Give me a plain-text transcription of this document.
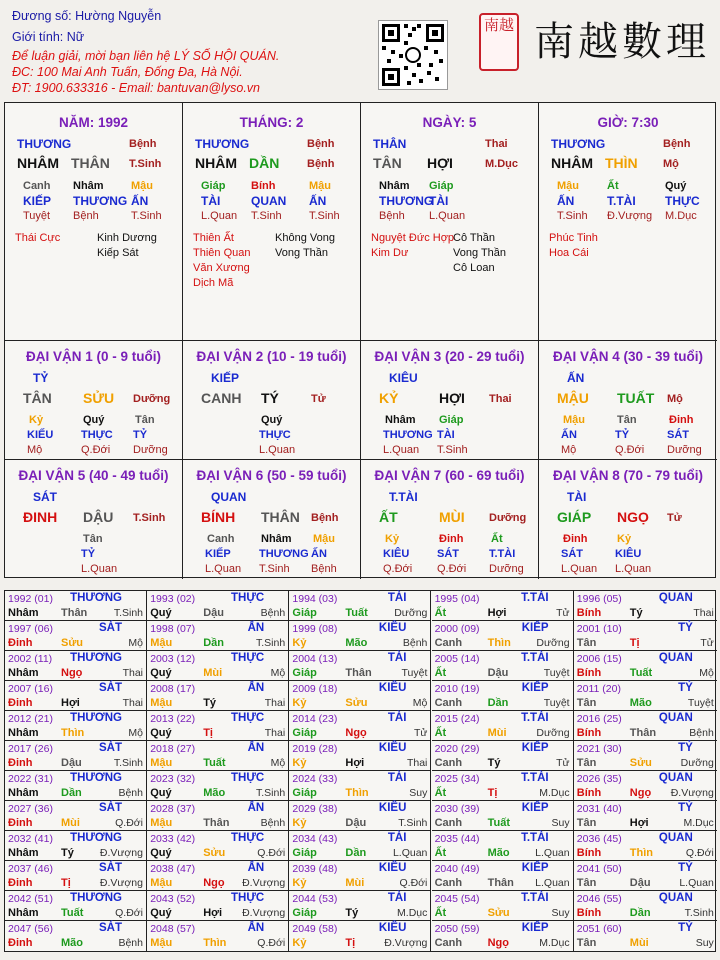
Đương số: Hường Nguyễn
Giới tính: Nữ
Để luận giải, mời bạn liên hệ LÝ SỐ HỘI QUÁN.
ĐC: 100 Mai Anh Tuấn, Đống Đa, Hà Nội.
ĐT: 1900.633316 - Email: bantuvan@lyso.vn
南越 南越數理
NĂM: 1992
THƯƠNG	Bệnh
NHÂM THÂN T.Sinh
Canh Nhâm Mậu
KIẾP THƯƠNG ẤN
Tuyệt Bệnh	T.Sinh
Thái Cực	Kinh Dương
Kiếp Sát
THÁNG: 2
THƯƠNG	Bệnh
NHÂM DẦN	Bệnh
Giáp Bính	Mậu
TÀI	QUAN ẤN
L.Quan T.Sinh T.Sinh
Thiên Ất
Thiên Quan
Văn Xương
Dịch Mã
Không Vong
Vong Thần
NGÀY: 5
THÂN	Thai
TÂN HỢI	M.Dục
Nhâm Giáp
THƯƠNG
TÀI
Bệnh L.Quan
Nguyệt Đức Hợp
Kim Dư
Cô Thần
Vong Thần
Cô Loan
GIỜ: 7:30
THƯƠNG	Bệnh
NHÂM THÌN Mộ
Mậu	Ất	Quý
ẤN	T.TÀI THỰC
T.Sinh Đ.Vượng M.Dục
Phúc Tinh
Hoa Cái
ĐẠI VẬN 1 (0 - 9 tuổi)
TỶ
TÂN SỬU Dưỡng
Kỷ	Quý	Tân
KIẾU	THỰC TỶ
Mộ	Q.Đới Dưỡng
ĐẠI VẬN 2 (10 - 19 tuổi)
KIẾP
CANH TÝ	Tử
Quý
THỰC
L.Quan
ĐẠI VẬN 3 (20 - 29 tuổi)
KIÊU
KỶ	HỢI Thai
Nhâm Giáp
THƯƠNG TÀI
L.Quan T.Sinh
ĐẠI VẬN 4 (30 - 39 tuổi)
ẤN
MẬU TUẤT Mộ
Mậu	Tân	Đinh
ẤN	TỶ	SÁT
Mộ	Q.Đới Dưỡng
ĐẠI VẬN 5 (40 - 49 tuổi)
SÁT
ĐINH DẬU T.Sinh
Tân
TỶ
L.Quan
ĐẠI VẬN 6 (50 - 59 tuổi)
QUAN
BÍNH THÂN Bệnh
Canh Nhâm Mậu
KIẾP	THƯƠNG ẤN
L.Quan T.Sinh Bệnh
ĐẠI VẬN 7 (60 - 69 tuổi)
T.TÀI
ẤT	MÙI Dưỡng
Kỷ	Đinh	Ất
KIÊU	SÁT	T.TÀI
Q.Đới Q.Đới Dưỡng
ĐẠI VẬN 8 (70 - 79 tuổi)
TÀI
GIÁP NGỌ Tử
Đinh	Kỷ
SÁT	KIÊU
L.Quan L.Quan
1992 (01) THƯƠNG
Nhâm Thân	T.Sinh
1993 (02)	THỰC
Quý	Dậu	Bệnh
1994 (03)	TÀI
Giáp	Tuất	Dưỡng
1995 (04)	T.TÀI
Ất	Hợi	Tử
1996 (05)	QUAN
Bính	Tý	Thai
1997 (06)	SÁT
Đinh	Sửu	Mộ
1998 (07)	ẤN
Mậu	Dần	T.Sinh
1999 (08)	KIÊU
Kỷ	Mão	Bệnh
2000 (09)	KIẾP
Canh Thìn Dưỡng
2001 (10)	TỶ
Tân	Tị	Tử
2002 (11) THƯƠNG
Nhâm Ngọ	Thai
2003 (12)	THỰC
Quý	Mùi	Mộ
2004 (13)	TÀI
Giáp	Thân	Tuyệt
2005 (14)	T.TÀI
Ất	Dậu	Tuyệt
2006 (15)	QUAN
Bính	Tuất	Mộ
2007 (16)	SÁT
Đinh	Hợi	Thai
2008 (17)	ẤN
Mậu	Tý	Thai
2009 (18)	KIÊU
Kỷ	Sửu	Mộ
2010 (19)	KIẾP
Canh Dần	Tuyệt
2011 (20)	TỶ
Tân	Mão	Tuyệt
2012 (21) THƯƠNG
Nhâm Thìn	Mộ
2013 (22)	THỰC
Quý	Tị	Thai
2014 (23)	TÀI
Giáp	Ngọ	Tử
2015 (24)	T.TÀI
Ất	Mùi	Dưỡng
2016 (25)	QUAN
Bính	Thân	Bệnh
2017 (26)	SÁT
Đinh	Dậu	T.Sinh
2018 (27)	ẤN
Mậu	Tuất	Mộ
2019 (28)	KIÊU
Kỷ	Hợi	Thai
2020 (29)	KIẾP
Canh Tý	Tử
2021 (30)	TỶ
Tân	Sửu	Dưỡng
2022 (31) THƯƠNG
Nhâm Dần	Bệnh
2023 (32)	THỰC
Quý	Mão	T.Sinh
2024 (33)	TÀI
Giáp	Thìn	Suy
2025 (34)	T.TÀI
Ất	Tị	M.Dục
2026 (35)	QUAN
Bính	Ngọ Đ.Vượng
2027 (36)	SÁT
Đinh	Mùi	Q.Đới
2028 (37)	ẤN
Mậu	Thân	Bệnh
2029 (38)	KIÊU
Kỷ	Dậu	T.Sinh
2030 (39)	KIẾP
Canh Tuất	Suy
2031 (40)	TỶ
Tân	Hợi	M.Dục
2032 (41) THƯƠNG
Nhâm Tý Đ.Vượng
2033 (42)	THỰC
Quý	Sửu	Q.Đới
2034 (43)	TÀI
Giáp	Dần	L.Quan
2035 (44)	T.TÀI
Ất	Mão L.Quan
2036 (45)	QUAN
Bính	Thìn	Q.Đới
2037 (46)	SÁT
Đinh	Tị	Đ.Vượng
2038 (47)	ẤN
Mậu	Ngọ Đ.Vượng
2039 (48)	KIÊU
Kỷ	Mùi	Q.Đới
2040 (49)	KIẾP
Canh Thân L.Quan
2041 (50)	TỶ
Tân	Dậu	L.Quan
2042 (51) THƯƠNG
Nhâm Tuất	Q.Đới
2043 (52)	THỰC
Quý	Hợi Đ.Vượng
2044 (53)	TÀI
Giáp	Tý	M.Dục
2045 (54)	T.TÀI
Ất	Sửu	Suy
2046 (55)	QUAN
Bính	Dần	T.Sinh
2047 (56)	SÁT
Đinh	Mão	Bệnh
2048 (57)	ẤN
Mậu	Thìn	Q.Đới
2049 (58)	KIÊU
Kỷ	Tị	Đ.Vượng
2050 (59)	KIẾP
Canh Ngọ	M.Dục
2051 (60)	TỶ
Tân	Mùi	Suy
